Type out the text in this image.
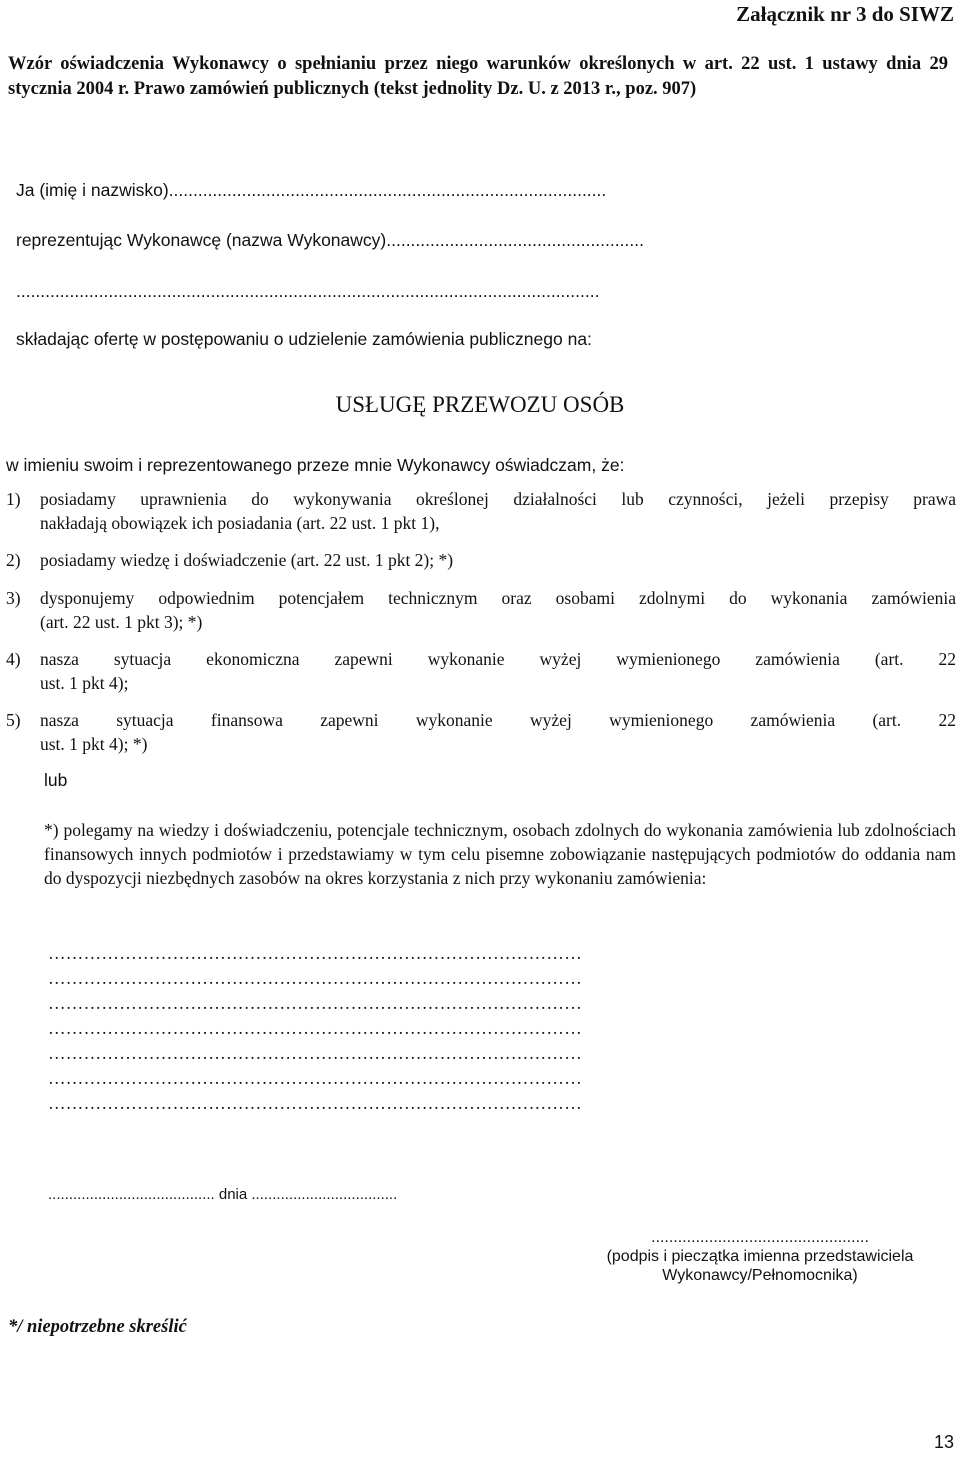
Załącznik nr 3 do SIWZ
Wzór oświadczenia Wykonawcy o spełnianiu przez niego warunków określonych w art. 22 ust. 1 ustawy dnia 29 stycznia 2004 r. Prawo zamówień publicznych (tekst jednolity Dz. U. z 2013 r., poz. 907)
Ja (imię i nazwisko)..........................................................................................
reprezentując Wykonawcę (nazwa Wykonawcy).....................................................
........................................................................................................................
składając ofertę w postępowaniu o udzielenie zamówienia publicznego na:
USŁUGĘ PRZEWOZU OSÓB
w imieniu swoim i reprezentowanego przeze mnie Wykonawcy oświadczam, że:
1)	posiadamy uprawnienia do wykonywania określonej działalności lub czynności, jeżeli przepisy prawa
nakładają obowiązek ich posiadania (art. 22 ust. 1 pkt 1),
2)	posiadamy wiedzę i doświadczenie (art. 22 ust. 1 pkt 2); *)
3)	dysponujemy odpowiednim potencjałem technicznym oraz osobami zdolnymi do wykonania zamówienia
(art. 22 ust. 1 pkt 3); *)
4)	nasza sytuacja ekonomiczna zapewni wykonanie wyżej wymienionego zamówienia (art. 22
ust. 1 pkt 4);
5)	nasza sytuacja finansowa zapewni wykonanie wyżej wymienionego zamówienia (art. 22
ust. 1 pkt 4); *)
lub
*) polegamy na wiedzy i doświadczeniu, potencjale technicznym, osobach zdolnych do wykonania zamówienia lub zdolnościach finansowych innych podmiotów i przedstawiamy w tym celu pisemne zobowiązanie następujących podmiotów do oddania nam do dyspozycji niezbędnych zasobów na okres korzystania z nich przy wykonaniu zamówienia:
………………………………………………………………………………
………………………………………………………………………………
………………………………………………………………………………
………………………………………………………………………………
………………………………………………………………………………
………………………………………………………………………………
………………………………………………………………………………
........................................ dnia ...................................
.................................................
(podpis i pieczątka imienna przedstawiciela
Wykonawcy/Pełnomocnika)
*/ niepotrzebne skreślić
13
